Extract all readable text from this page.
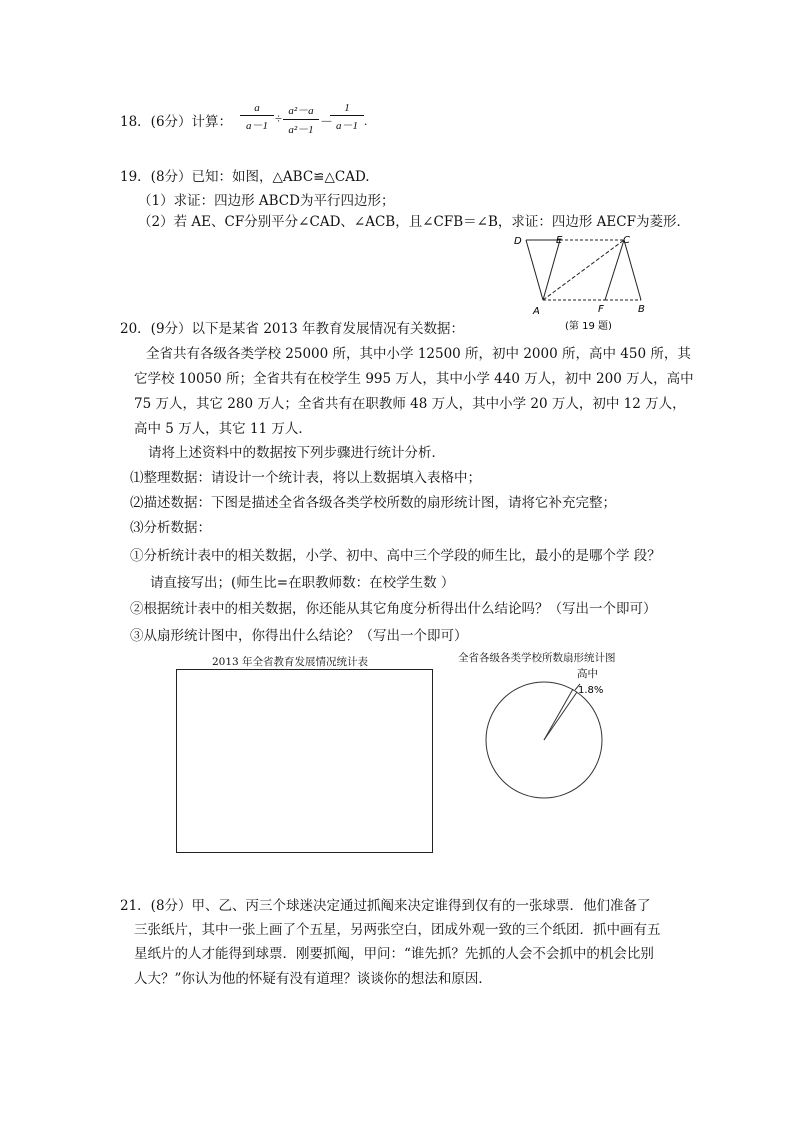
18．(6分）计算：
a
a－1 ÷ a²－a
a²－1
－
1
a－1 .
19．(8分）已知：如图，△ABC≌△CAD.
（1）求证：四边形 ABCD为平行四边形；
（2）若 AE、CF分别平分∠CAD、∠ACB，且∠CFB＝∠B，求证：四边形 AECF为菱形．
D	E	C
A	F	B
(第 19 题)
20．(9分）以下是某省 2013 年教育发展情况有关数据：
全省共有各级各类学校 25000 所，其中小学 12500 所，初中 2000 所，高中 450 所，其
它学校 10050 所；全省共有在校学生 995 万人，其中小学 440 万人，初中 200 万人，高中
75 万人，其它 280 万人；全省共有在职教师 48 万人，其中小学 20 万人，初中 12 万人，
高中 5 万人，其它 11 万人．
请将上述资料中的数据按下列步骤进行统计分析．
⑴整理数据：请设计一个统计表，将以上数据填入表格中；
⑵描述数据：下图是描述全省各级各类学校所数的扇形统计图，请将它补充完整；
⑶分析数据：
①分析统计表中的相关数据，小学、初中、高中三个学段的师生比，最小的是哪个学 段？
请直接写出；(师生比=在职教师数：在校学生数 ）
②根据统计表中的相关数据，你还能从其它角度分析得出什么结论吗？（写出一个即可）
③从扇形统计图中，你得出什么结论？（写出一个即可）
2013 年全省教育发展情况统计表	全省各级各类学校所数扇形统计图
高中
1.8%
21．(8分）甲、乙、丙三个球迷决定通过抓阄来决定谁得到仅有的一张球票．他们准备了
三张纸片，其中一张上画了个五星，另两张空白，团成外观一致的三个纸团．抓中画有五
星纸片的人才能得到球票．刚要抓阄，甲问：“谁先抓？先抓的人会不会抓中的机会比别
人大？”你认为他的怀疑有没有道理？谈谈你的想法和原因．
